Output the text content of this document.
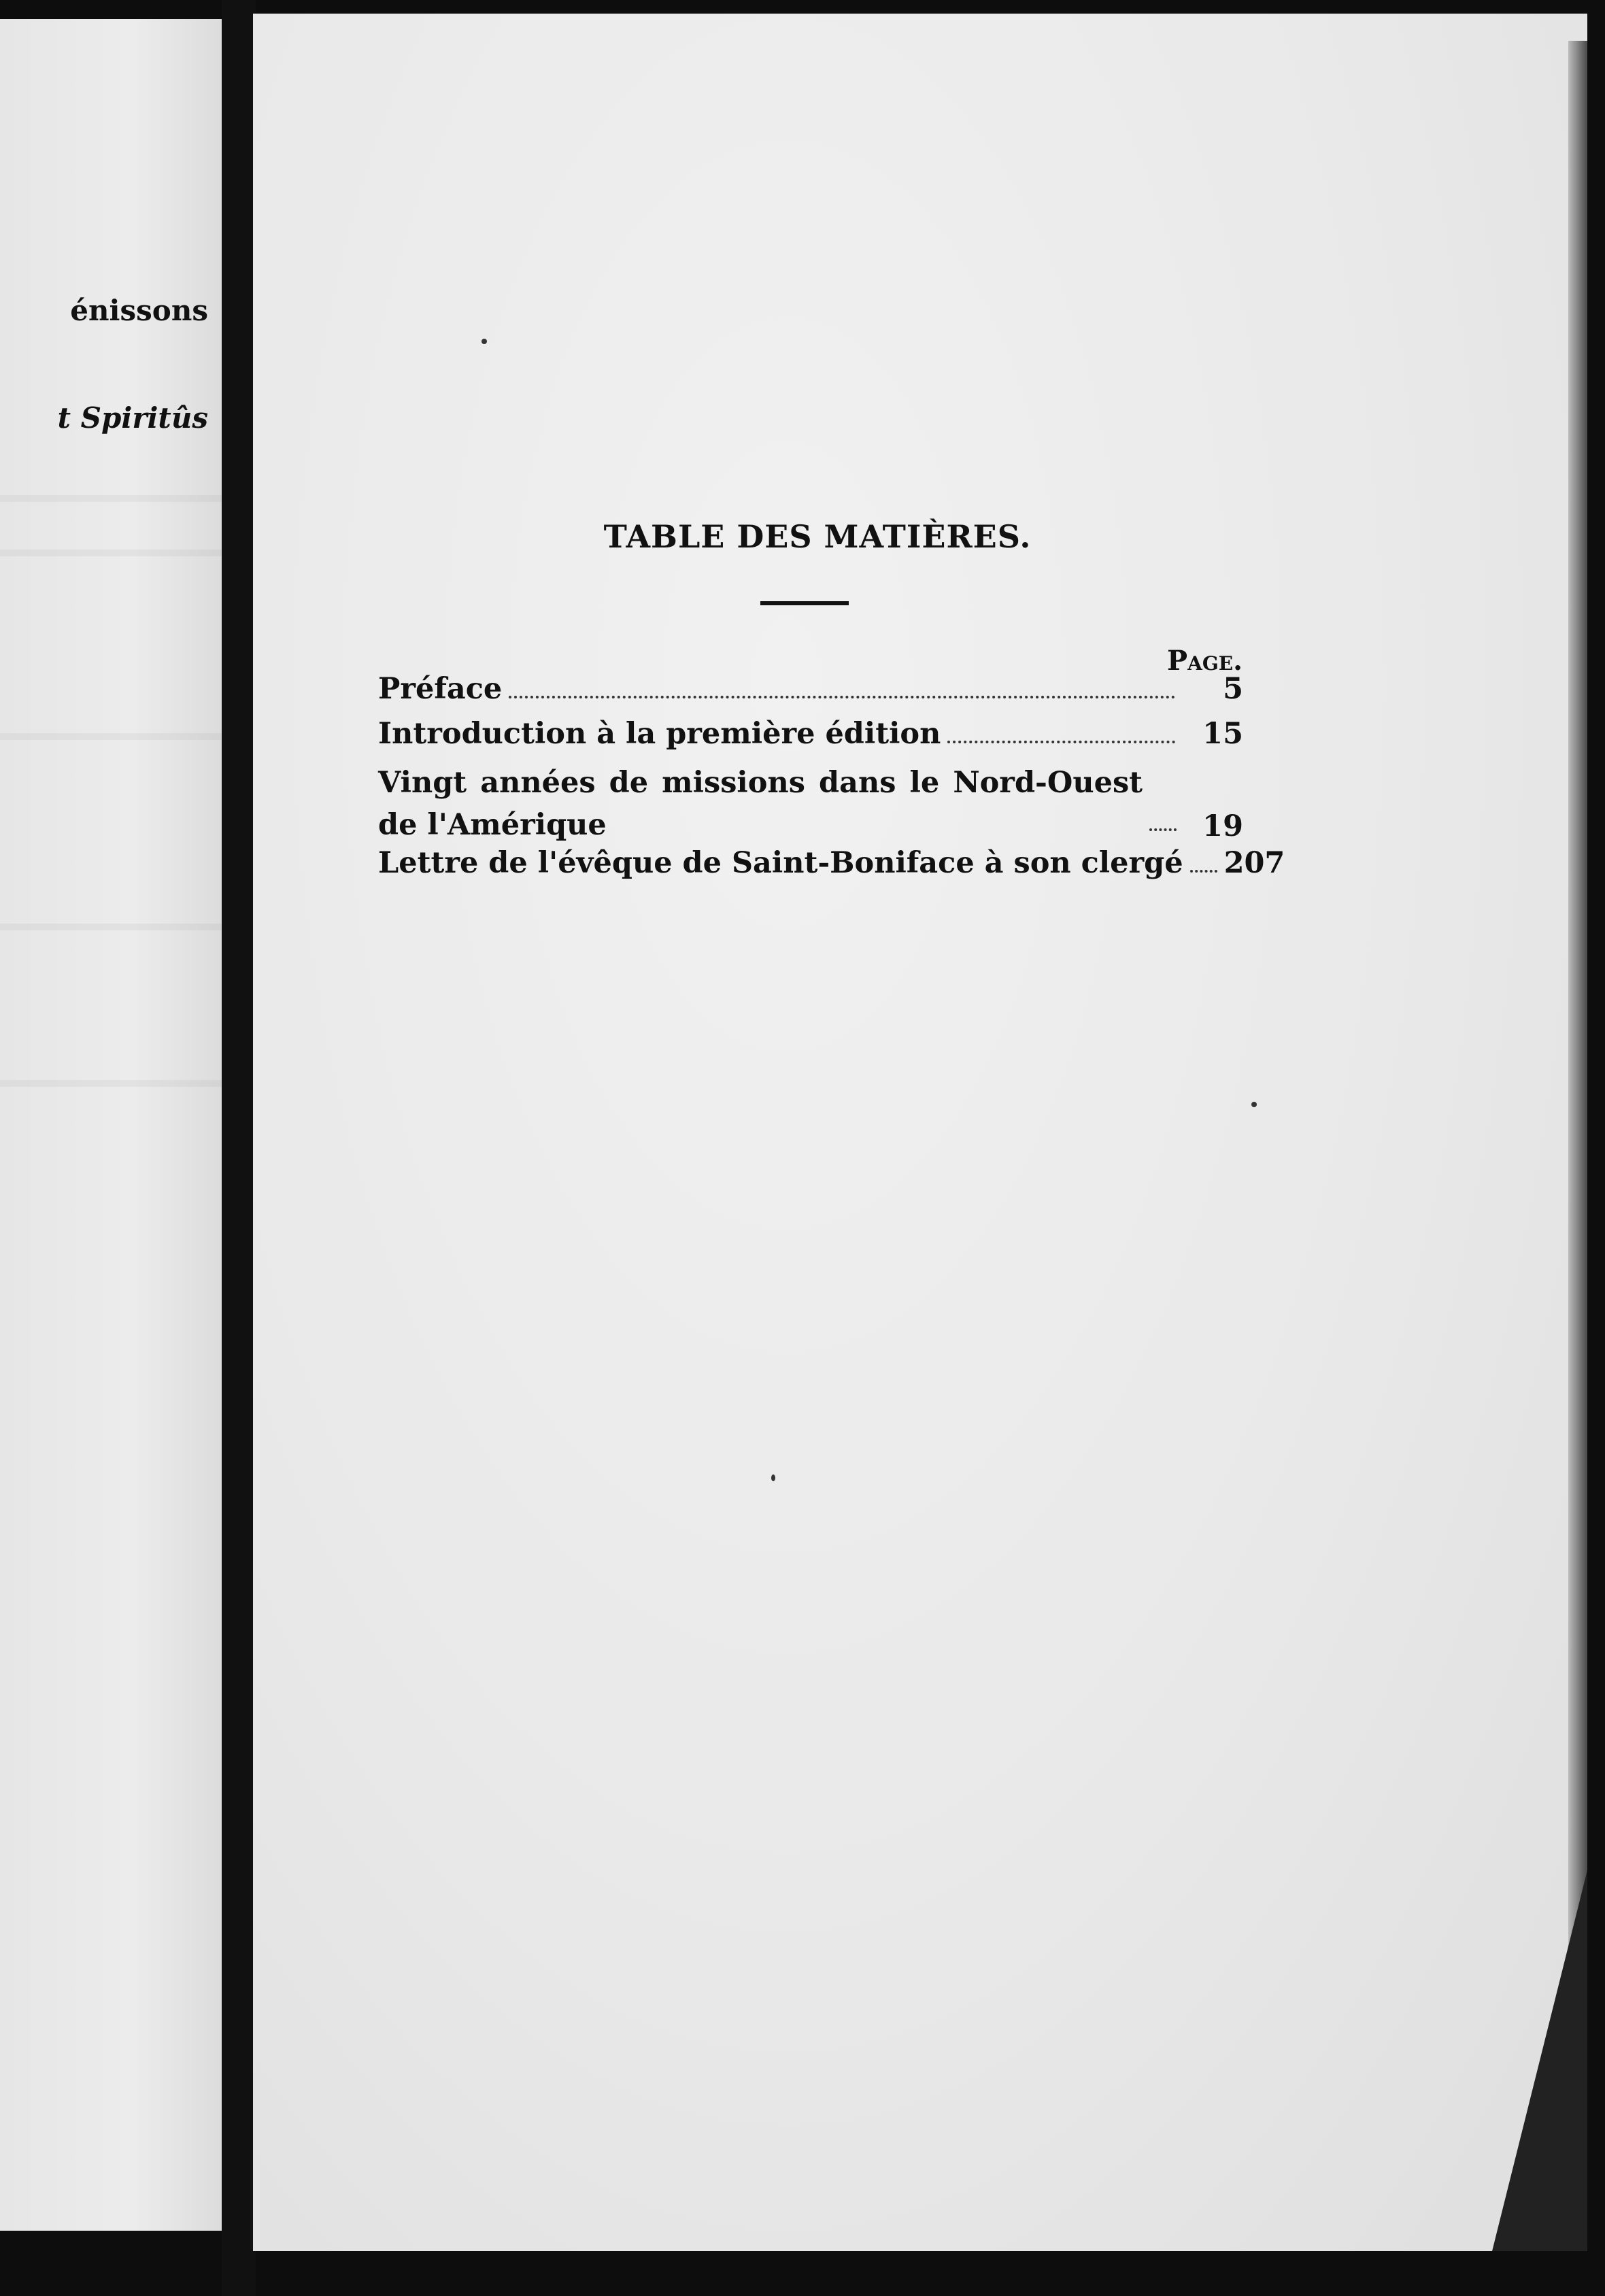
énissons
t Spiritûs
TABLE DES MATIÈRES.
Page.
Préface	5
Introduction à la première édition	15
Vingt années de missions dans le Nord-Ouest de l'Amérique	19
Lettre de l'évêque de Saint-Boniface à son clergé 207
